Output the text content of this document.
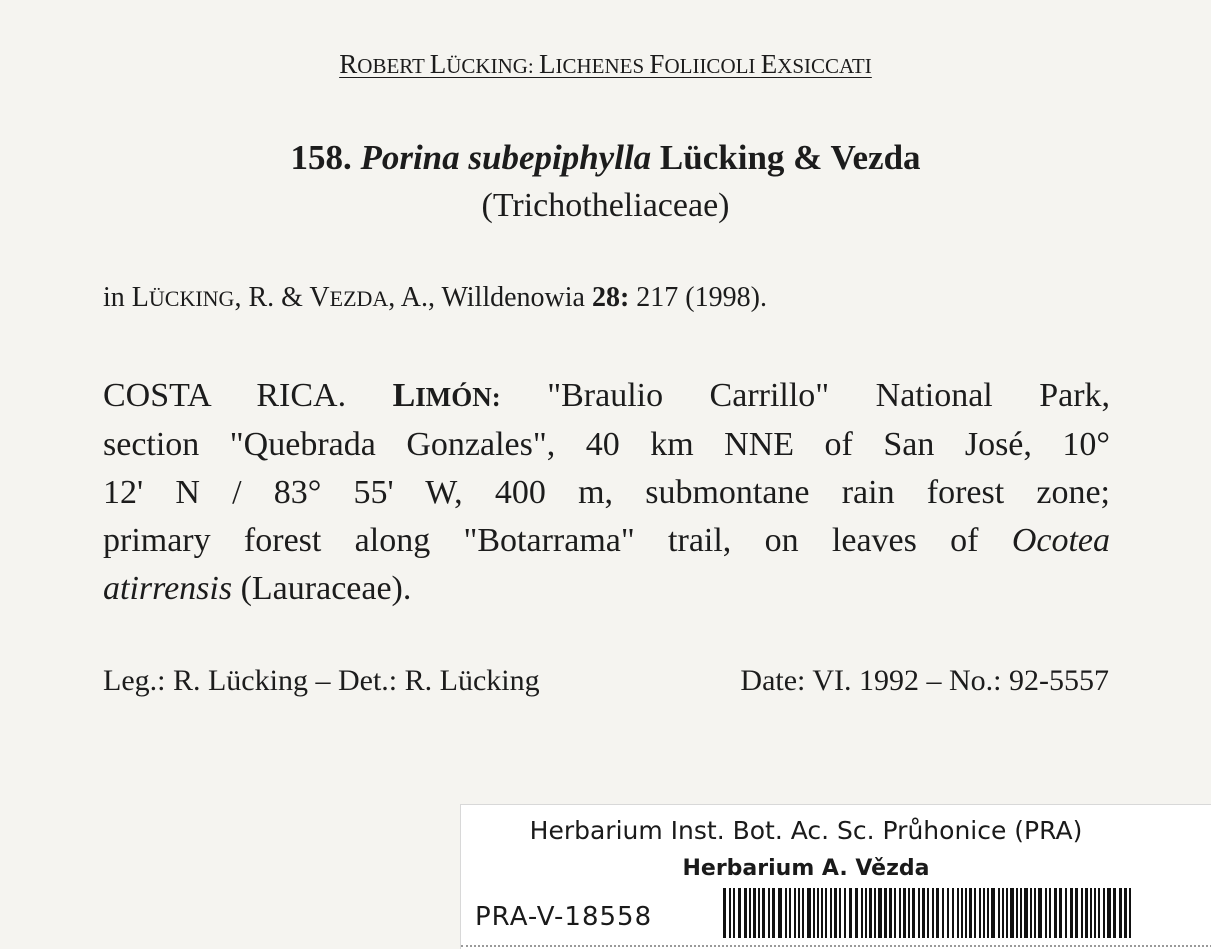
ROBERT LÜCKING: LICHENES FOLIICOLI EXSICCATI
158. Porina subepiphylla Lücking & Vezda
(Trichotheliaceae)
in LÜCKING, R. & VEZDA, A., Willdenowia 28: 217 (1998).
COSTA RICA. LIMÓN: "Braulio Carrillo" National Park,
section "Quebrada Gonzales", 40 km NNE of San José, 10°
12' N / 83° 55' W, 400 m, submontane rain forest zone;
primary forest along "Botarrama" trail, on leaves of Ocotea
atirrensis (Lauraceae).
Leg.: R. Lücking – Det.: R. Lücking	Date: VI. 1992 – No.: 92-5557
Herbarium Inst. Bot. Ac. Sc. Průhonice (PRA)
Herbarium A. Vězda
PRA-V-18558
